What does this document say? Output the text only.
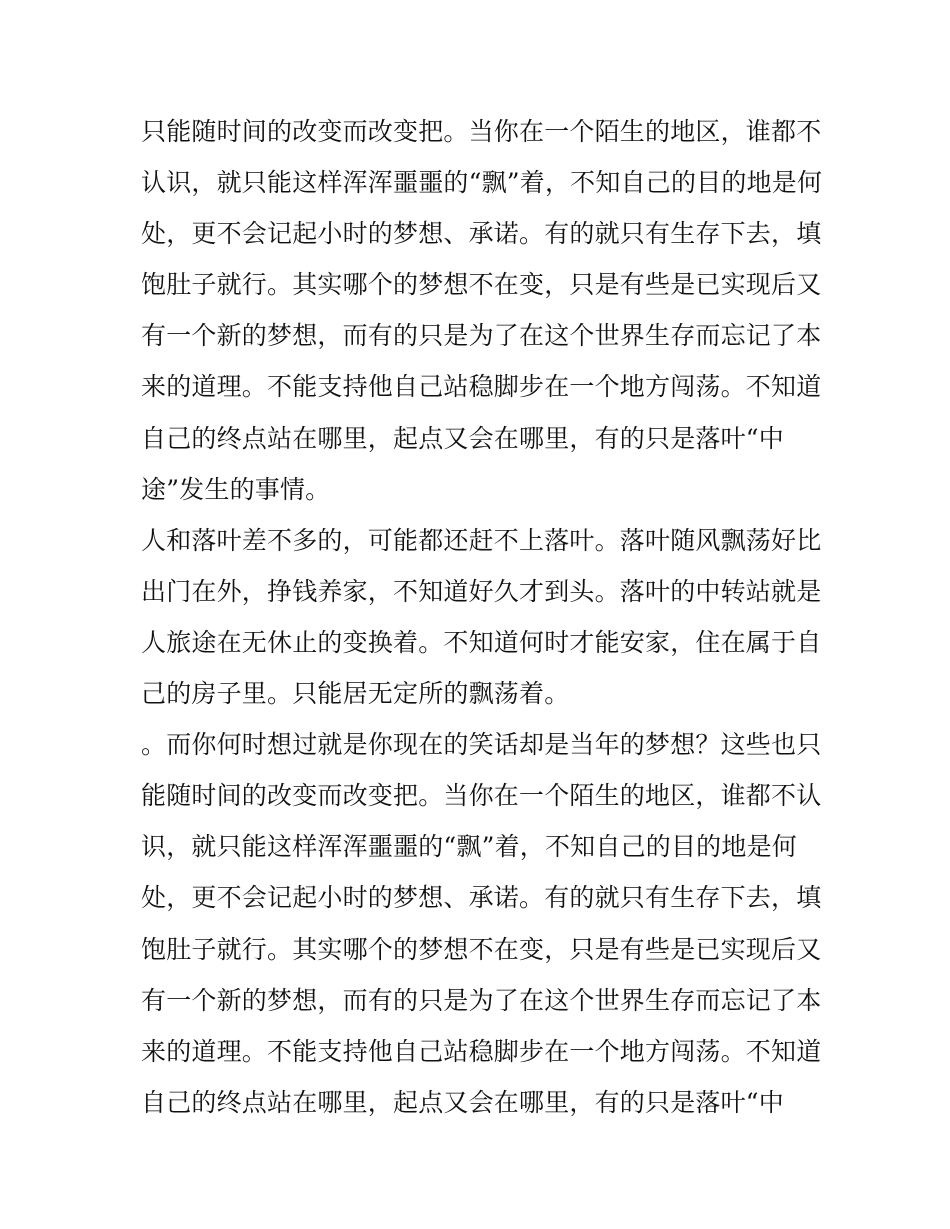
只能随时间的改变而改变把。当你在一个陌生的地区，谁都不
认识，就只能这样浑浑噩噩的“飘”着，不知自己的目的地是何
处，更不会记起小时的梦想、承诺。有的就只有生存下去，填
饱肚子就行。其实哪个的梦想不在变，只是有些是已实现后又
有一个新的梦想，而有的只是为了在这个世界生存而忘记了本
来的道理。不能支持他自己站稳脚步在一个地方闯荡。不知道
自己的终点站在哪里，起点又会在哪里，有的只是落叶“中
途”发生的事情。
人和落叶差不多的，可能都还赶不上落叶。落叶随风飘荡好比
出门在外，挣钱养家，不知道好久才到头。落叶的中转站就是
人旅途在无休止的变换着。不知道何时才能安家，住在属于自
己的房子里。只能居无定所的飘荡着。
。而你何时想过就是你现在的笑话却是当年的梦想？这些也只
能随时间的改变而改变把。当你在一个陌生的地区，谁都不认
识，就只能这样浑浑噩噩的“飘”着，不知自己的目的地是何
处，更不会记起小时的梦想、承诺。有的就只有生存下去，填
饱肚子就行。其实哪个的梦想不在变，只是有些是已实现后又
有一个新的梦想，而有的只是为了在这个世界生存而忘记了本
来的道理。不能支持他自己站稳脚步在一个地方闯荡。不知道
自己的终点站在哪里，起点又会在哪里，有的只是落叶“中
